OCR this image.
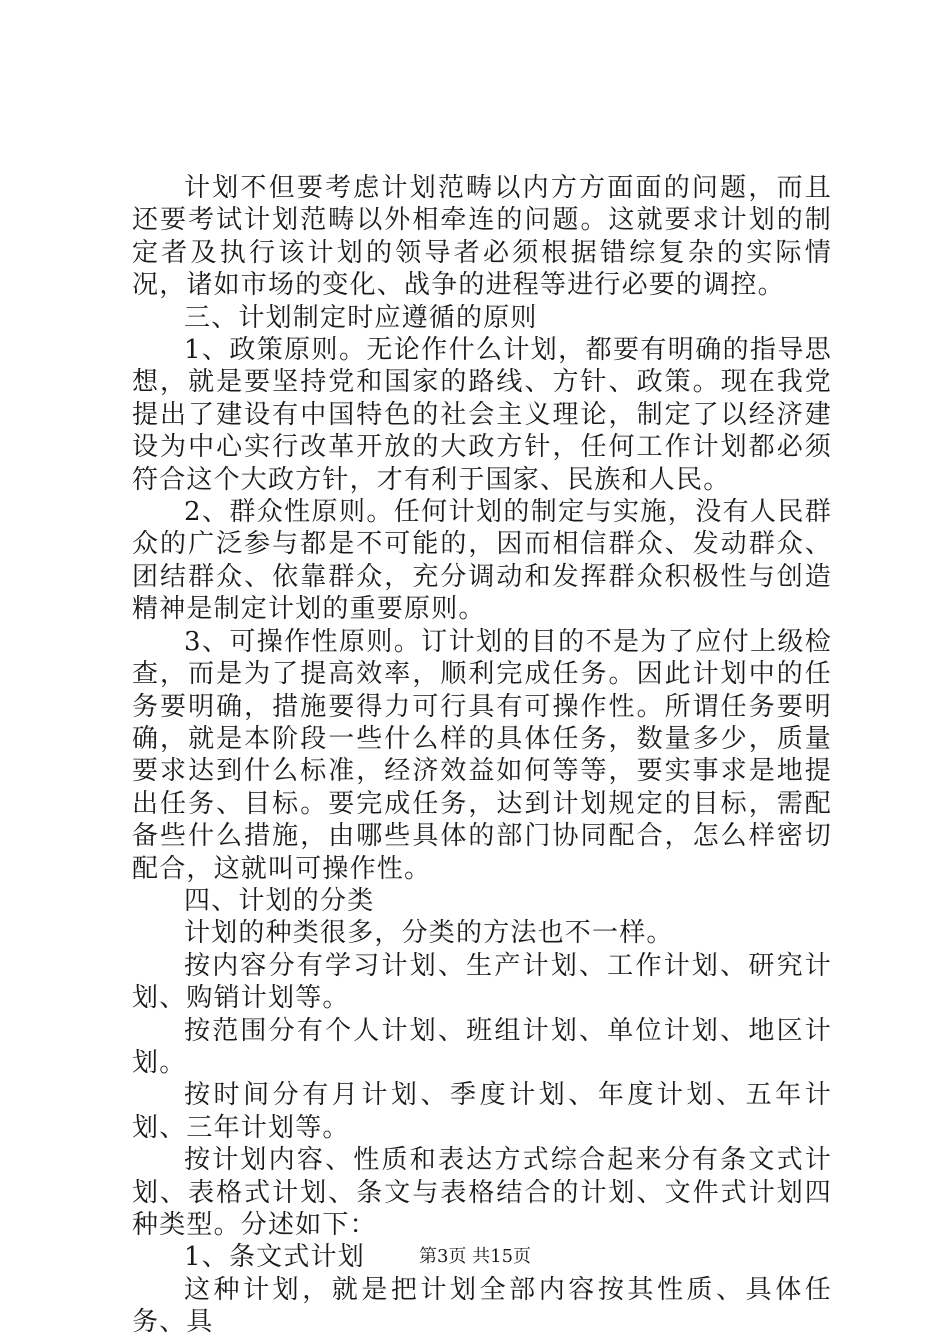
计划不但要考虑计划范畴以内方方面面的问题，而且还要考试计划范畴以外相牵连的问题。这就要求计划的制定者及执行该计划的领导者必须根据错综复杂的实际情况，诸如市场的变化、战争的进程等进行必要的调控。

三、计划制定时应遵循的原则

1、政策原则。无论作什么计划，都要有明确的指导思想，就是要坚持党和国家的路线、方针、政策。现在我党提出了建设有中国特色的社会主义理论，制定了以经济建设为中心实行改革开放的大政方针，任何工作计划都必须符合这个大政方针，才有利于国家、民族和人民。

2、群众性原则。任何计划的制定与实施，没有人民群众的广泛参与都是不可能的，因而相信群众、发动群众、团结群众、依靠群众，充分调动和发挥群众积极性与创造精神是制定计划的重要原则。

3、可操作性原则。订计划的目的不是为了应付上级检查，而是为了提高效率，顺利完成任务。因此计划中的任务要明确，措施要得力可行具有可操作性。所谓任务要明确，就是本阶段一些什么样的具体任务，数量多少，质量要求达到什么标准，经济效益如何等等，要实事求是地提出任务、目标。要完成任务，达到计划规定的目标，需配备些什么措施，由哪些具体的部门协同配合，怎么样密切配合，这就叫可操作性。

四、计划的分类

计划的种类很多，分类的方法也不一样。

按内容分有学习计划、生产计划、工作计划、研究计划、购销计划等。

按范围分有个人计划、班组计划、单位计划、地区计划。

按时间分有月计划、季度计划、年度计划、五年计划、三年计划等。

按计划内容、性质和表达方式综合起来分有条文式计划、表格式计划、条文与表格结合的计划、文件式计划四种类型。分述如下：

1、条文式计划

这种计划，就是把计划全部内容按其性质、具体任务、具

第3页 共15页
